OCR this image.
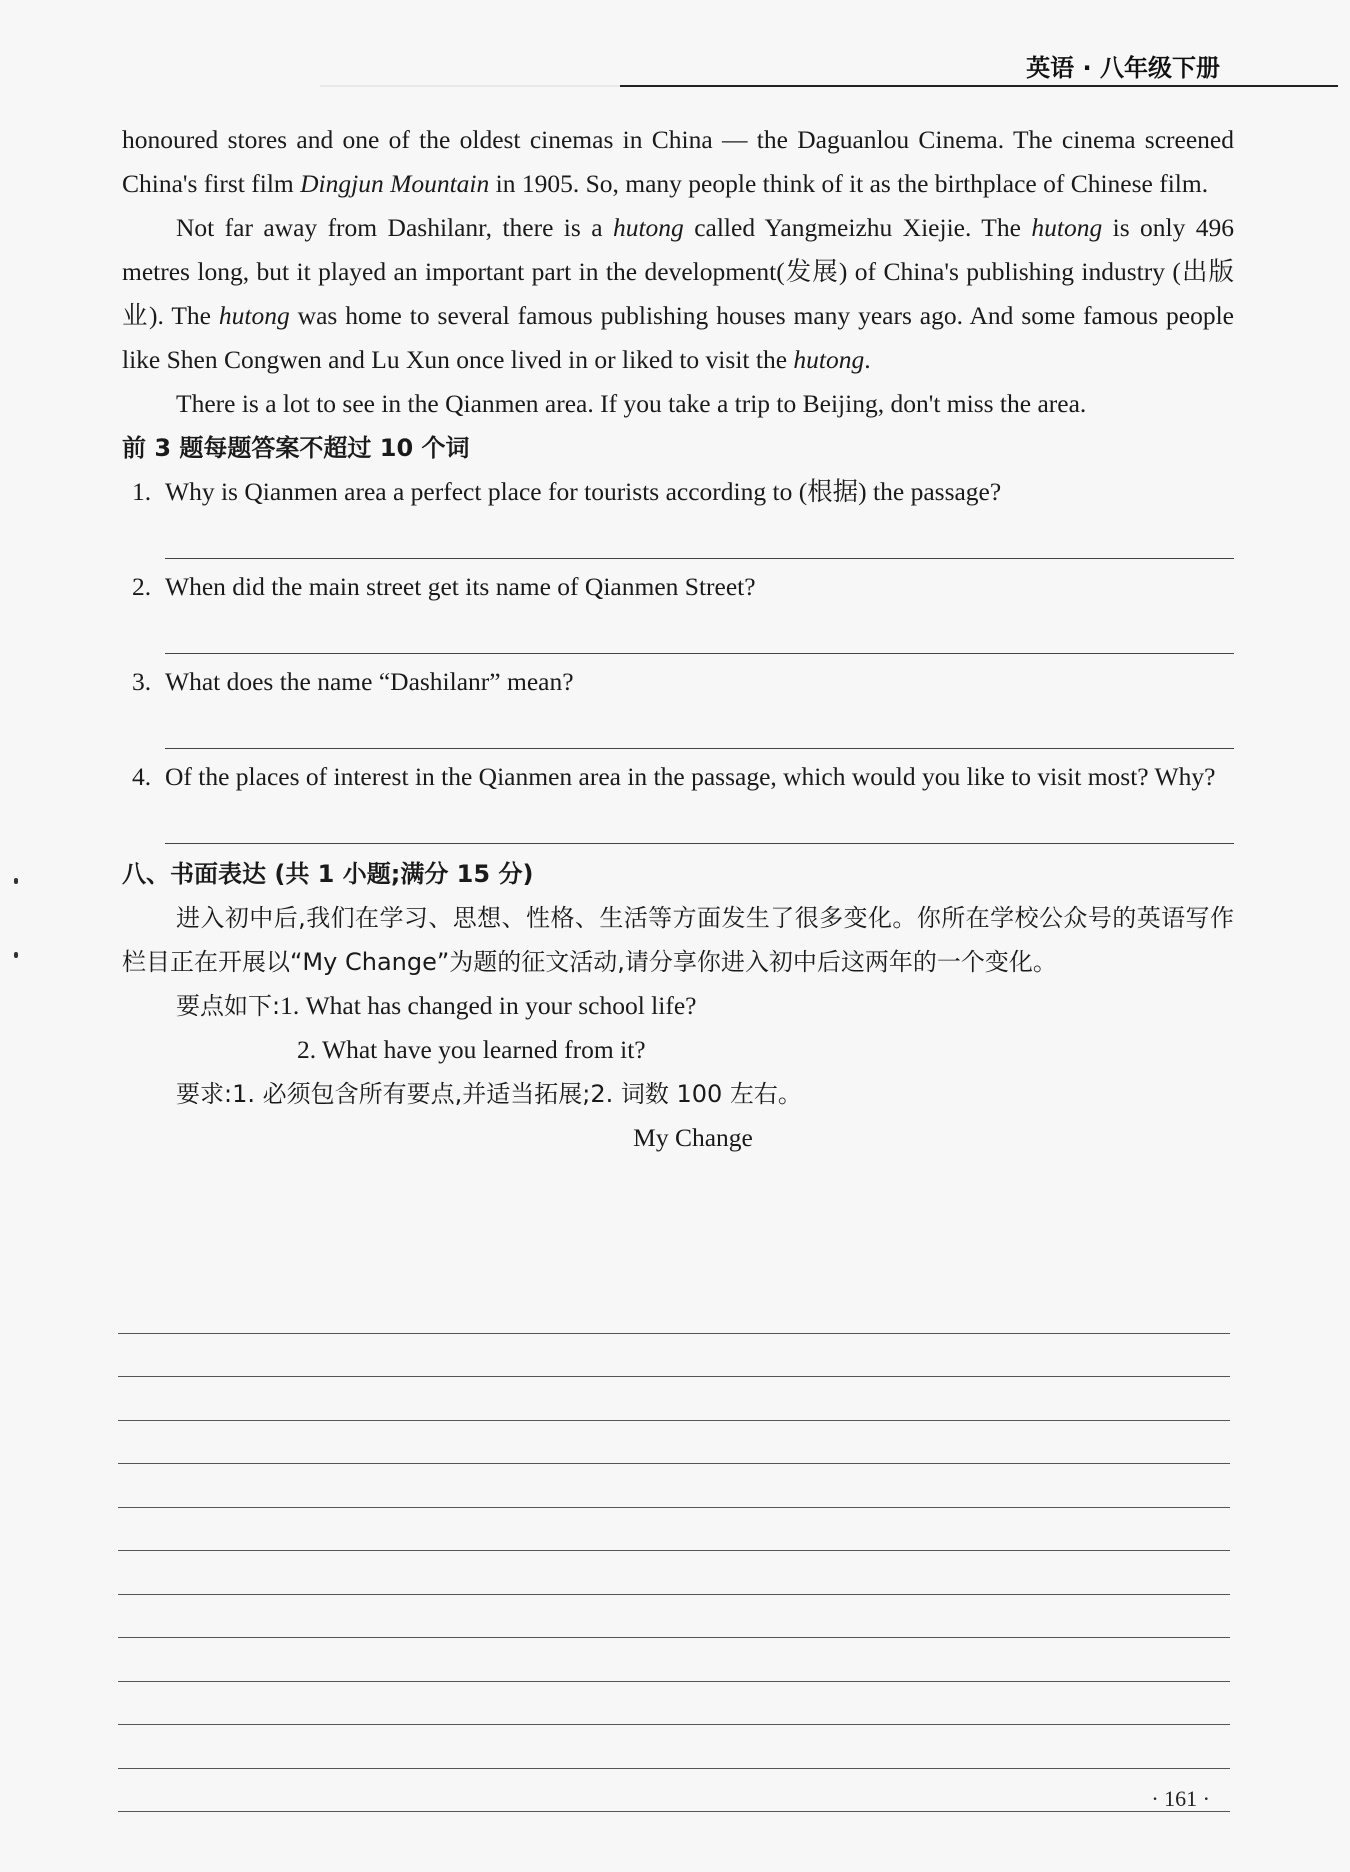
英语 · 八年级下册

honoured stores and one of the oldest cinemas in China — the Daguanlou Cinema. The cinema screened China's first film Dingjun Mountain in 1905. So, many people think of it as the birthplace of Chinese film.

Not far away from Dashilanr, there is a hutong called Yangmeizhu Xiejie. The hutong is only 496 metres long, but it played an important part in the development(发展) of China's publishing industry (出版业). The hutong was home to several famous publishing houses many years ago. And some famous people like Shen Congwen and Lu Xun once lived in or liked to visit the hutong.

There is a lot to see in the Qianmen area. If you take a trip to Beijing, don't miss the area.

前 3 题每题答案不超过 10 个词

1. Why is Qianmen area a perfect place for tourists according to (根据) the passage?
2. When did the main street get its name of Qianmen Street?
3. What does the name “Dashilanr” mean?
4. Of the places of interest in the Qianmen area in the passage, which would you like to visit most? Why?

八、书面表达 (共 1 小题;满分 15 分)

进入初中后,我们在学习、思想、性格、生活等方面发生了很多变化。你所在学校公众号的英语写作栏目正在开展以“My Change”为题的征文活动,请分享你进入初中后这两年的一个变化。

要点如下:1. What has changed in your school life?

2. What have you learned from it?

要求:1. 必须包含所有要点,并适当拓展;2. 词数 100 左右。

My Change

· 161 ·
